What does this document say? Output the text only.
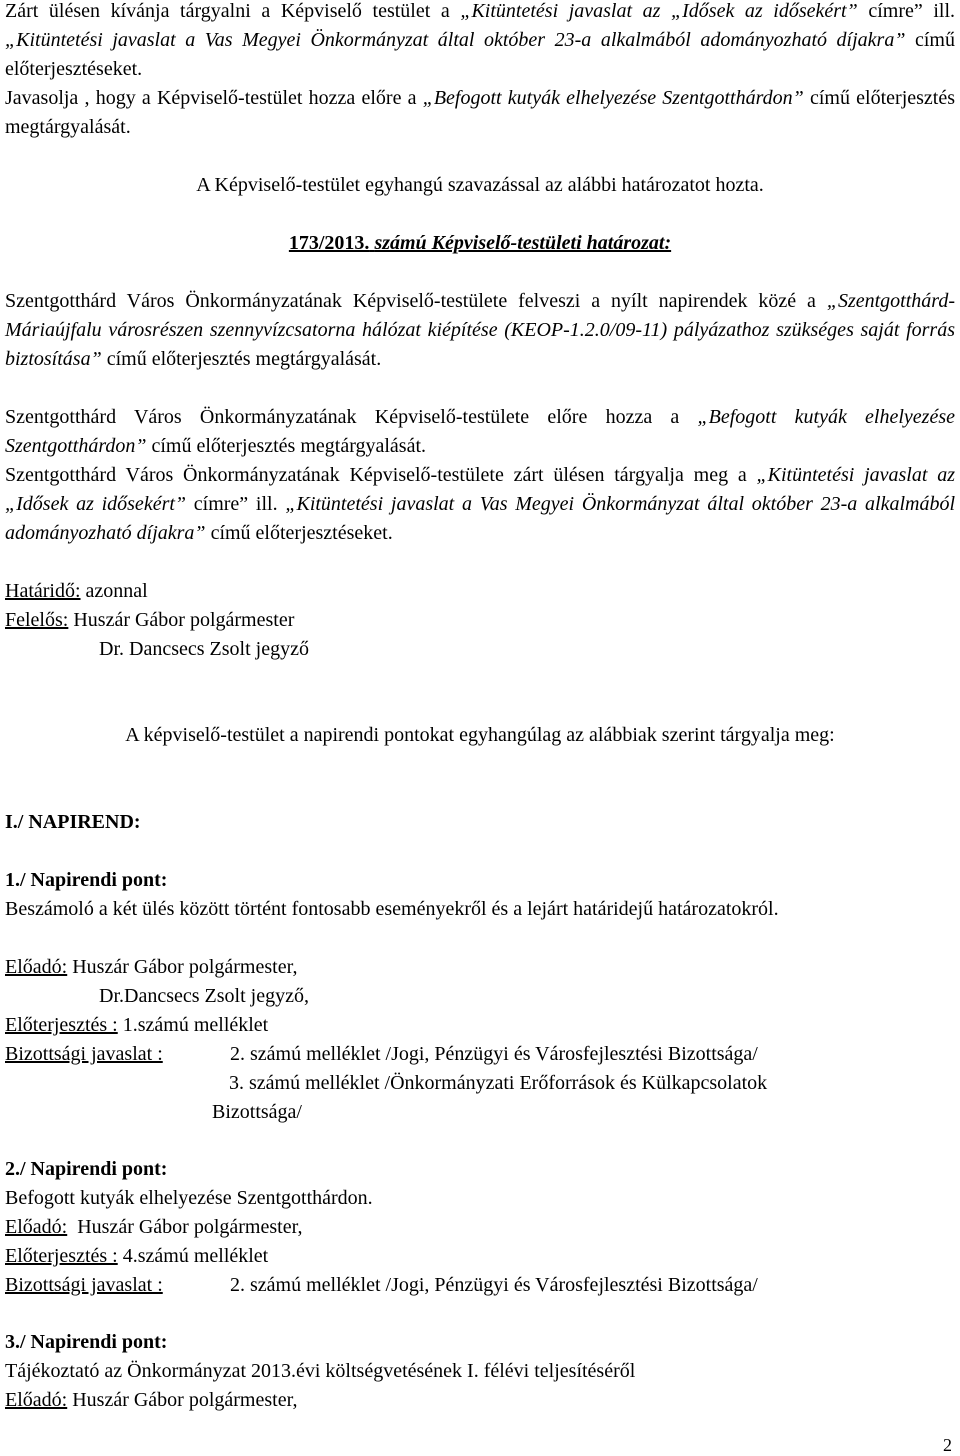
Zárt ülésen kívánja tárgyalni a Képviselő testület a „Kitüntetési javaslat az „Idősek az idősekért” címre” ill. „Kitüntetési javaslat a Vas Megyei Önkormányzat által október 23-a alkalmából adományozható díjakra” című előterjesztéseket.

Javasolja , hogy a Képviselő-testület hozza előre a „Befogott kutyák elhelyezése Szentgotthárdon” című előterjesztés megtárgyalását.

A Képviselő-testület egyhangú szavazással az alábbi határozatot hozta.

173/2013. számú Képviselő-testületi határozat:

Szentgotthárd Város Önkormányzatának Képviselő-testülete felveszi a nyílt napirendek közé a „Szentgotthárd-Máriaújfalu városrészen szennyvízcsatorna hálózat kiépítése (KEOP-1.2.0/09-11) pályázathoz szükséges saját forrás biztosítása” című előterjesztés megtárgyalását.

Szentgotthárd Város Önkormányzatának Képviselő-testülete előre hozza a „Befogott kutyák elhelyezése Szentgotthárdon” című előterjesztés megtárgyalását.

Szentgotthárd Város Önkormányzatának Képviselő-testülete zárt ülésen tárgyalja meg a „Kitüntetési javaslat az „Idősek az idősekért” címre” ill. „Kitüntetési javaslat a Vas Megyei Önkormányzat által október 23-a alkalmából adományozható díjakra” című előterjesztéseket.

Határidő: azonnal

Felelős: Huszár Gábor polgármester

Dr. Dancsecs Zsolt jegyző

A képviselő-testület a napirendi pontokat egyhangúlag az alábbiak szerint tárgyalja meg:

I./ NAPIREND:

1./ Napirendi pont:

Beszámoló a két ülés között történt fontosabb eseményekről és a lejárt határidejű határozatokról.

Előadó: Huszár Gábor polgármester,

Dr.Dancsecs Zsolt jegyző,

Előterjesztés : 1.számú melléklet

Bizottsági javaslat :	2. számú melléklet /Jogi, Pénzügyi és Városfejlesztési Bizottsága/

3. számú melléklet /Önkormányzati Erőforrások és Külkapcsolatok

Bizottsága/

2./ Napirendi pont:

Befogott kutyák elhelyezése Szentgotthárdon.

Előadó:  Huszár Gábor polgármester,

Előterjesztés : 4.számú melléklet

Bizottsági javaslat :	2. számú melléklet /Jogi, Pénzügyi és Városfejlesztési Bizottsága/

3./ Napirendi pont:

Tájékoztató az Önkormányzat 2013.évi költségvetésének I. félévi teljesítéséről

Előadó: Huszár Gábor polgármester,

2
